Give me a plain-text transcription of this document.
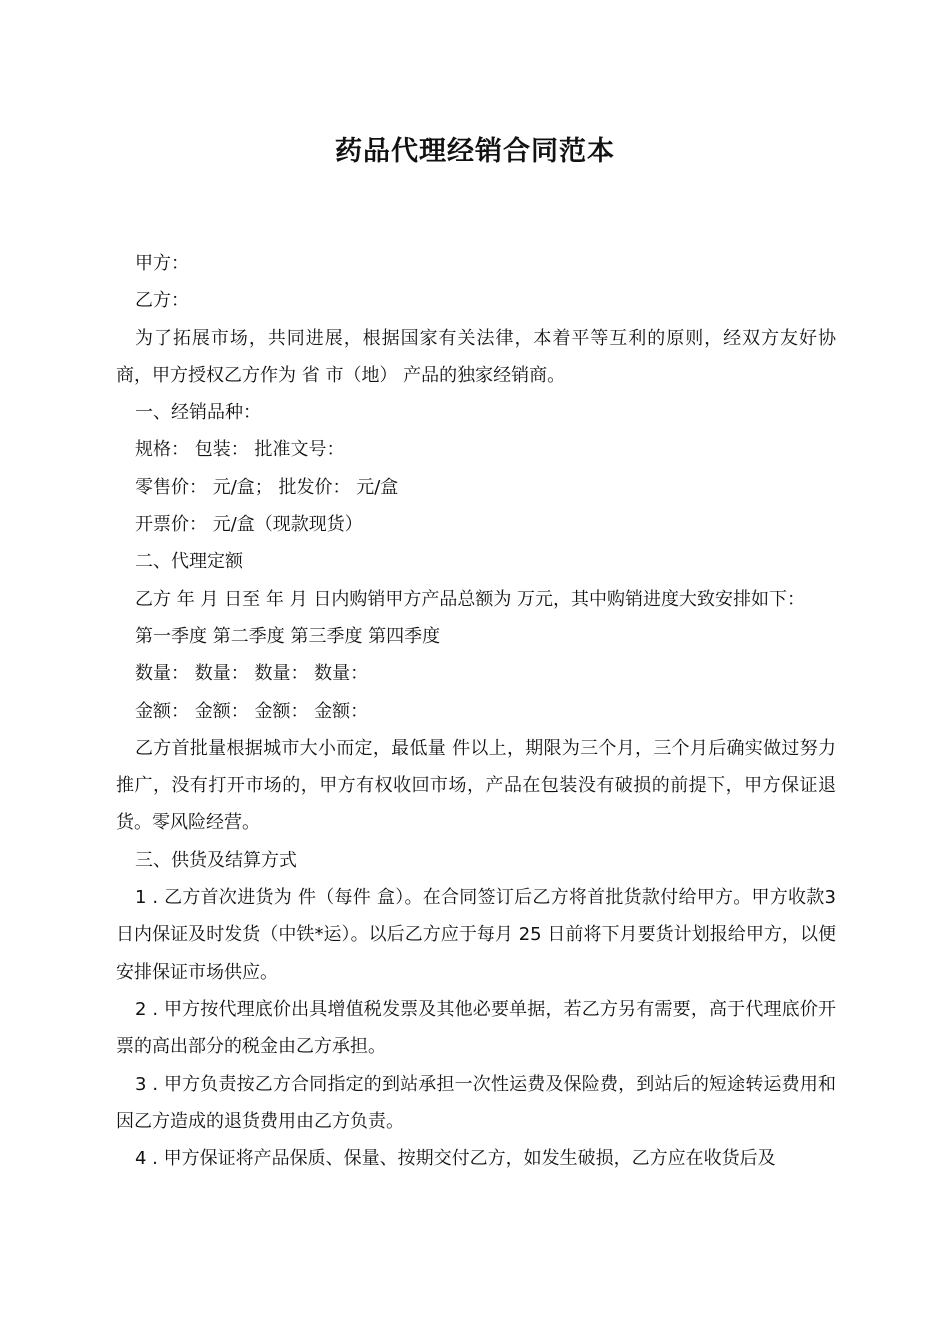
药品代理经销合同范本

甲方：

乙方：

为了拓展市场，共同进展，根据国家有关法律，本着平等互利的原则，经双方友好协商，甲方授权乙方作为 省 市（地） 产品的独家经销商。

一、经销品种：

规格： 包装： 批准文号：

零售价： 元/盒； 批发价： 元/盒

开票价： 元/盒（现款现货）

二、代理定额

乙方 年 月 日至 年 月 日内购销甲方产品总额为 万元，其中购销进度大致安排如下：

第一季度 第二季度 第三季度 第四季度

数量： 数量： 数量： 数量：

金额： 金额： 金额： 金额：

乙方首批量根据城市大小而定，最低量 件以上，期限为三个月，三个月后确实做过努力推广，没有打开市场的，甲方有权收回市场，产品在包装没有破损的前提下，甲方保证退货。零风险经营。

三、供货及结算方式

1 . 乙方首次进货为 件（每件 盒）。在合同签订后乙方将首批货款付给甲方。甲方收款3日内保证及时发货（中铁*运）。以后乙方应于每月 25 日前将下月要货计划报给甲方，以便安排保证市场供应。

2 . 甲方按代理底价出具增值税发票及其他必要单据，若乙方另有需要，高于代理底价开票的高出部分的税金由乙方承担。

3 . 甲方负责按乙方合同指定的到站承担一次性运费及保险费，到站后的短途转运费用和因乙方造成的退货费用由乙方负责。

4 . 甲方保证将产品保质、保量、按期交付乙方，如发生破损，乙方应在收货后及
